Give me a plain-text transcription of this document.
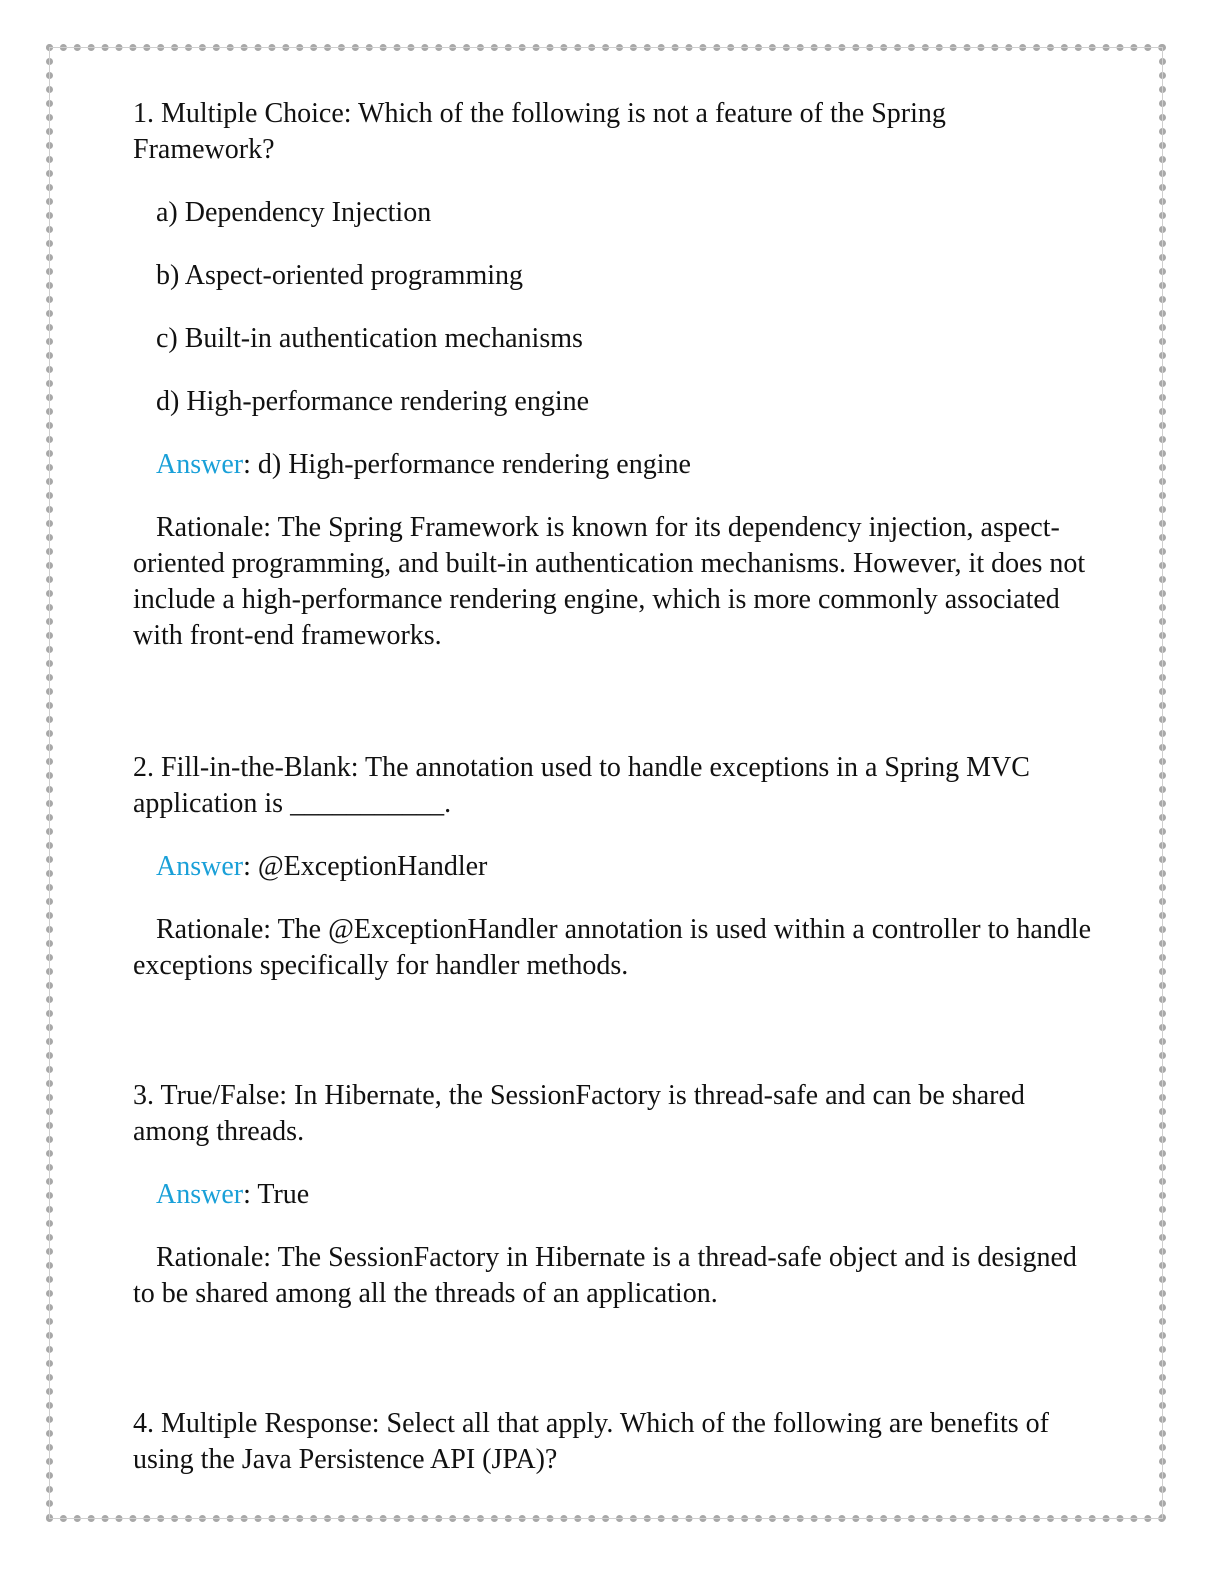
1. Multiple Choice: Which of the following is not a feature of the Spring Framework?

a) Dependency Injection
b) Aspect-oriented programming
c) Built-in authentication mechanisms
d) High-performance rendering engine
Answer: d) High-performance rendering engine

Rationale: The Spring Framework is known for its dependency injection, aspect-oriented programming, and built-in authentication mechanisms. However, it does not include a high-performance rendering engine, which is more commonly associated with front-end frameworks.

2. Fill-in-the-Blank: The annotation used to handle exceptions in a Spring MVC application is ___________.

Answer: @ExceptionHandler

Rationale: The @ExceptionHandler annotation is used within a controller to handle exceptions specifically for handler methods.

3. True/False: In Hibernate, the SessionFactory is thread-safe and can be shared among threads.

Answer: True

Rationale: The SessionFactory in Hibernate is a thread-safe object and is designed to be shared among all the threads of an application.

4. Multiple Response: Select all that apply. Which of the following are benefits of using the Java Persistence API (JPA)?
